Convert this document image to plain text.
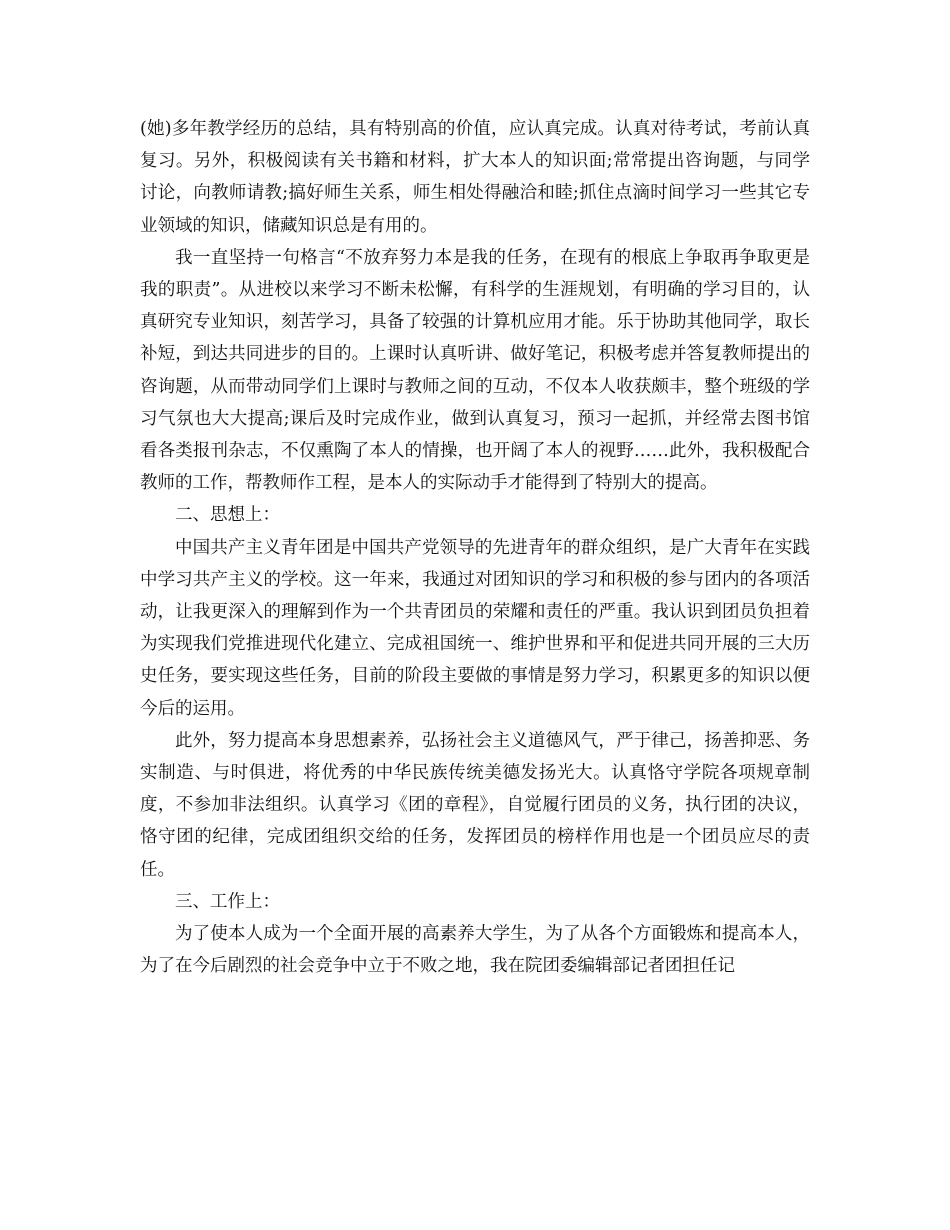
(她)多年教学经历的总结，具有特别高的价值，应认真完成。认真对待考试，考前认真复习。另外，积极阅读有关书籍和材料，扩大本人的知识面;常常提出咨询题，与同学讨论，向教师请教;搞好师生关系，师生相处得融洽和睦;抓住点滴时间学习一些其它专业领域的知识，储藏知识总是有用的。

我一直坚持一句格言“不放弃努力本是我的任务，在现有的根底上争取再争取更是我的职责”。从进校以来学习不断未松懈，有科学的生涯规划，有明确的学习目的，认真研究专业知识，刻苦学习，具备了较强的计算机应用才能。乐于协助其他同学，取长补短，到达共同进步的目的。上课时认真听讲、做好笔记，积极考虑并答复教师提出的咨询题，从而带动同学们上课时与教师之间的互动，不仅本人收获颇丰，整个班级的学习气氛也大大提高;课后及时完成作业，做到认真复习，预习一起抓，并经常去图书馆看各类报刊杂志，不仅熏陶了本人的情操，也开阔了本人的视野……此外，我积极配合教师的工作，帮教师作工程，是本人的实际动手才能得到了特别大的提高。

二、思想上：

中国共产主义青年团是中国共产党领导的先进青年的群众组织，是广大青年在实践中学习共产主义的学校。这一年来，我通过对团知识的学习和积极的参与团内的各项活动，让我更深入的理解到作为一个共青团员的荣耀和责任的严重。我认识到团员负担着为实现我们党推进现代化建立、完成祖国统一、维护世界和平和促进共同开展的三大历史任务，要实现这些任务，目前的阶段主要做的事情是努力学习，积累更多的知识以便今后的运用。

此外，努力提高本身思想素养，弘扬社会主义道德风气，严于律己，扬善抑恶、务实制造、与时俱进，将优秀的中华民族传统美德发扬光大。认真恪守学院各项规章制度，不参加非法组织。认真学习《团的章程》，自觉履行团员的义务，执行团的决议，恪守团的纪律，完成团组织交给的任务，发挥团员的榜样作用也是一个团员应尽的责任。

三、工作上：

为了使本人成为一个全面开展的高素养大学生，为了从各个方面锻炼和提高本人，为了在今后剧烈的社会竞争中立于不败之地，我在院团委编辑部记者团担任记
